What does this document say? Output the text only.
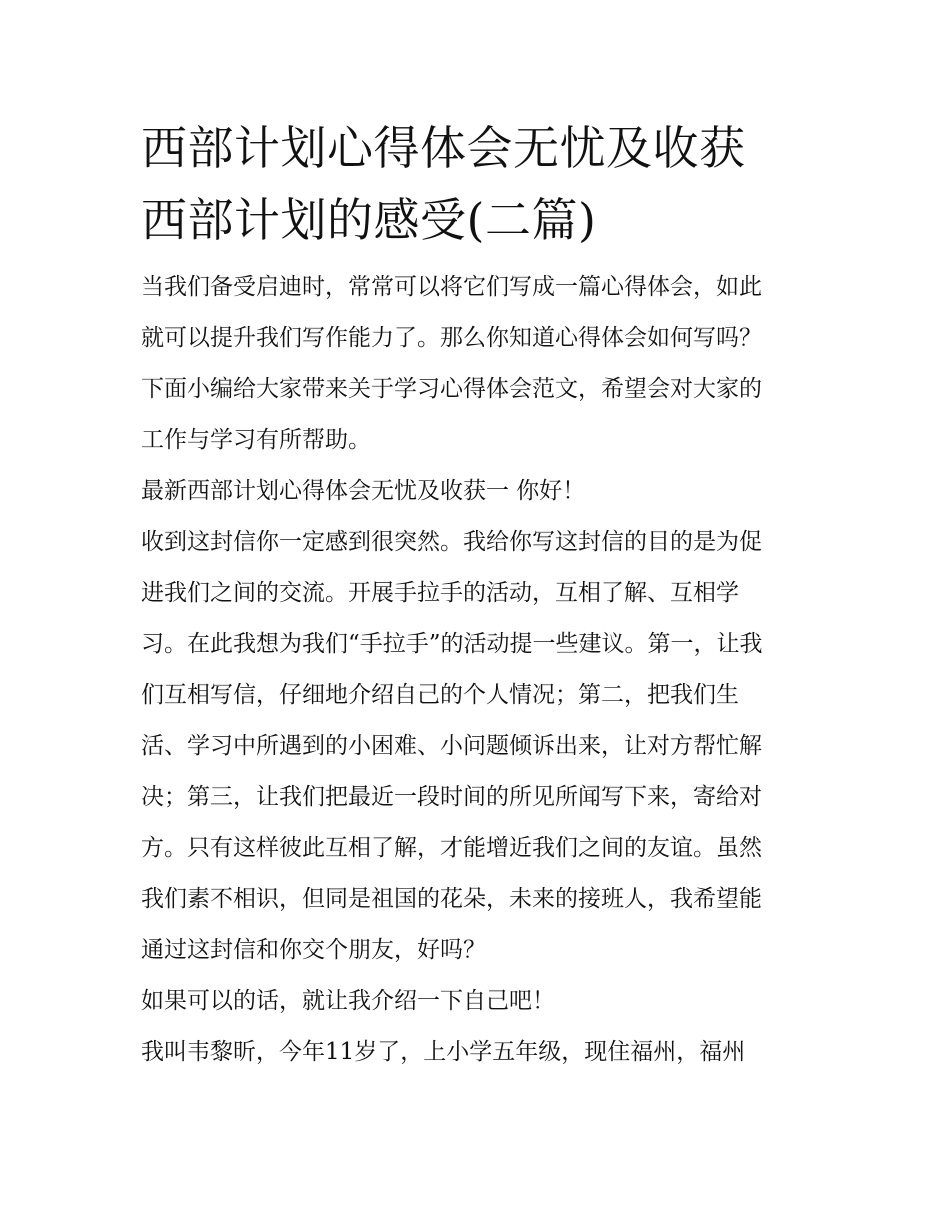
西部计划心得体会无忧及收获
西部计划的感受(二篇)

当我们备受启迪时，常常可以将它们写成一篇心得体会，如此
就可以提升我们写作能力了。那么你知道心得体会如何写吗？
下面小编给大家带来关于学习心得体会范文，希望会对大家的
工作与学习有所帮助。

最新西部计划心得体会无忧及收获一 你好！

收到这封信你一定感到很突然。我给你写这封信的目的是为促
进我们之间的交流。开展手拉手的活动，互相了解、互相学
习。在此我想为我们“手拉手”的活动提一些建议。第一，让我
们互相写信，仔细地介绍自己的个人情况；第二，把我们生
活、学习中所遇到的小困难、小问题倾诉出来，让对方帮忙解
决；第三，让我们把最近一段时间的所见所闻写下来，寄给对
方。只有这样彼此互相了解，才能增近我们之间的友谊。虽然
我们素不相识，但同是祖国的花朵，未来的接班人，我希望能
通过这封信和你交个朋友，好吗？

如果可以的话，就让我介绍一下自己吧！

我叫韦黎昕，今年11岁了，上小学五年级，现住福州，福州
